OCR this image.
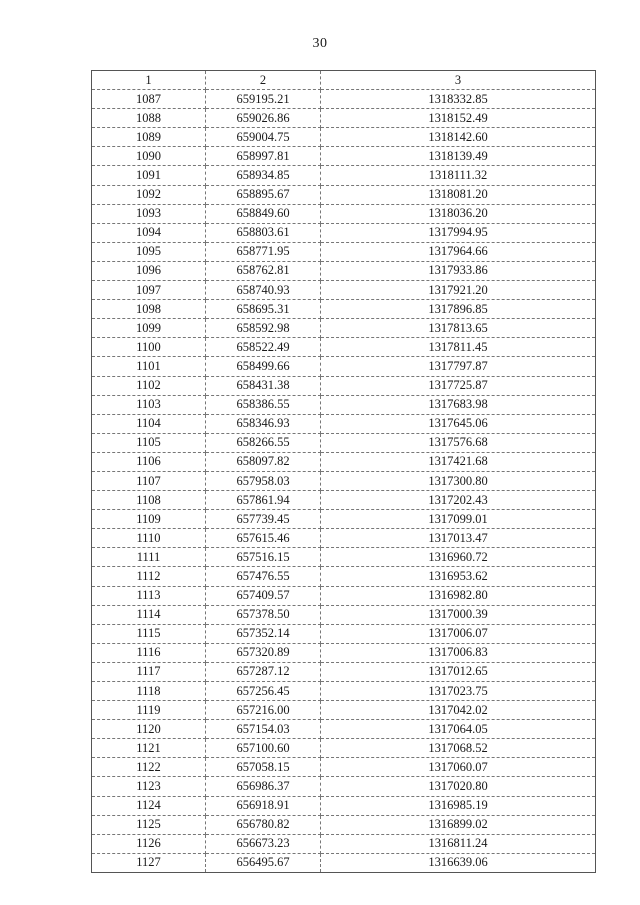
30
1	2	3
1087	659195.21	1318332.85
1088	659026.86	1318152.49
1089	659004.75	1318142.60
1090	658997.81	1318139.49
1091	658934.85	1318111.32
1092	658895.67	1318081.20
1093	658849.60	1318036.20
1094	658803.61	1317994.95
1095	658771.95	1317964.66
1096	658762.81	1317933.86
1097	658740.93	1317921.20
1098	658695.31	1317896.85
1099	658592.98	1317813.65
1100	658522.49	1317811.45
1101	658499.66	1317797.87
1102	658431.38	1317725.87
1103	658386.55	1317683.98
1104	658346.93	1317645.06
1105	658266.55	1317576.68
1106	658097.82	1317421.68
1107	657958.03	1317300.80
1108	657861.94	1317202.43
1109	657739.45	1317099.01
1110	657615.46	1317013.47
1111	657516.15	1316960.72
1112	657476.55	1316953.62
1113	657409.57	1316982.80
1114	657378.50	1317000.39
1115	657352.14	1317006.07
1116	657320.89	1317006.83
1117	657287.12	1317012.65
1118	657256.45	1317023.75
1119	657216.00	1317042.02
1120	657154.03	1317064.05
1121	657100.60	1317068.52
1122	657058.15	1317060.07
1123	656986.37	1317020.80
1124	656918.91	1316985.19
1125	656780.82	1316899.02
1126	656673.23	1316811.24
1127	656495.67	1316639.06
